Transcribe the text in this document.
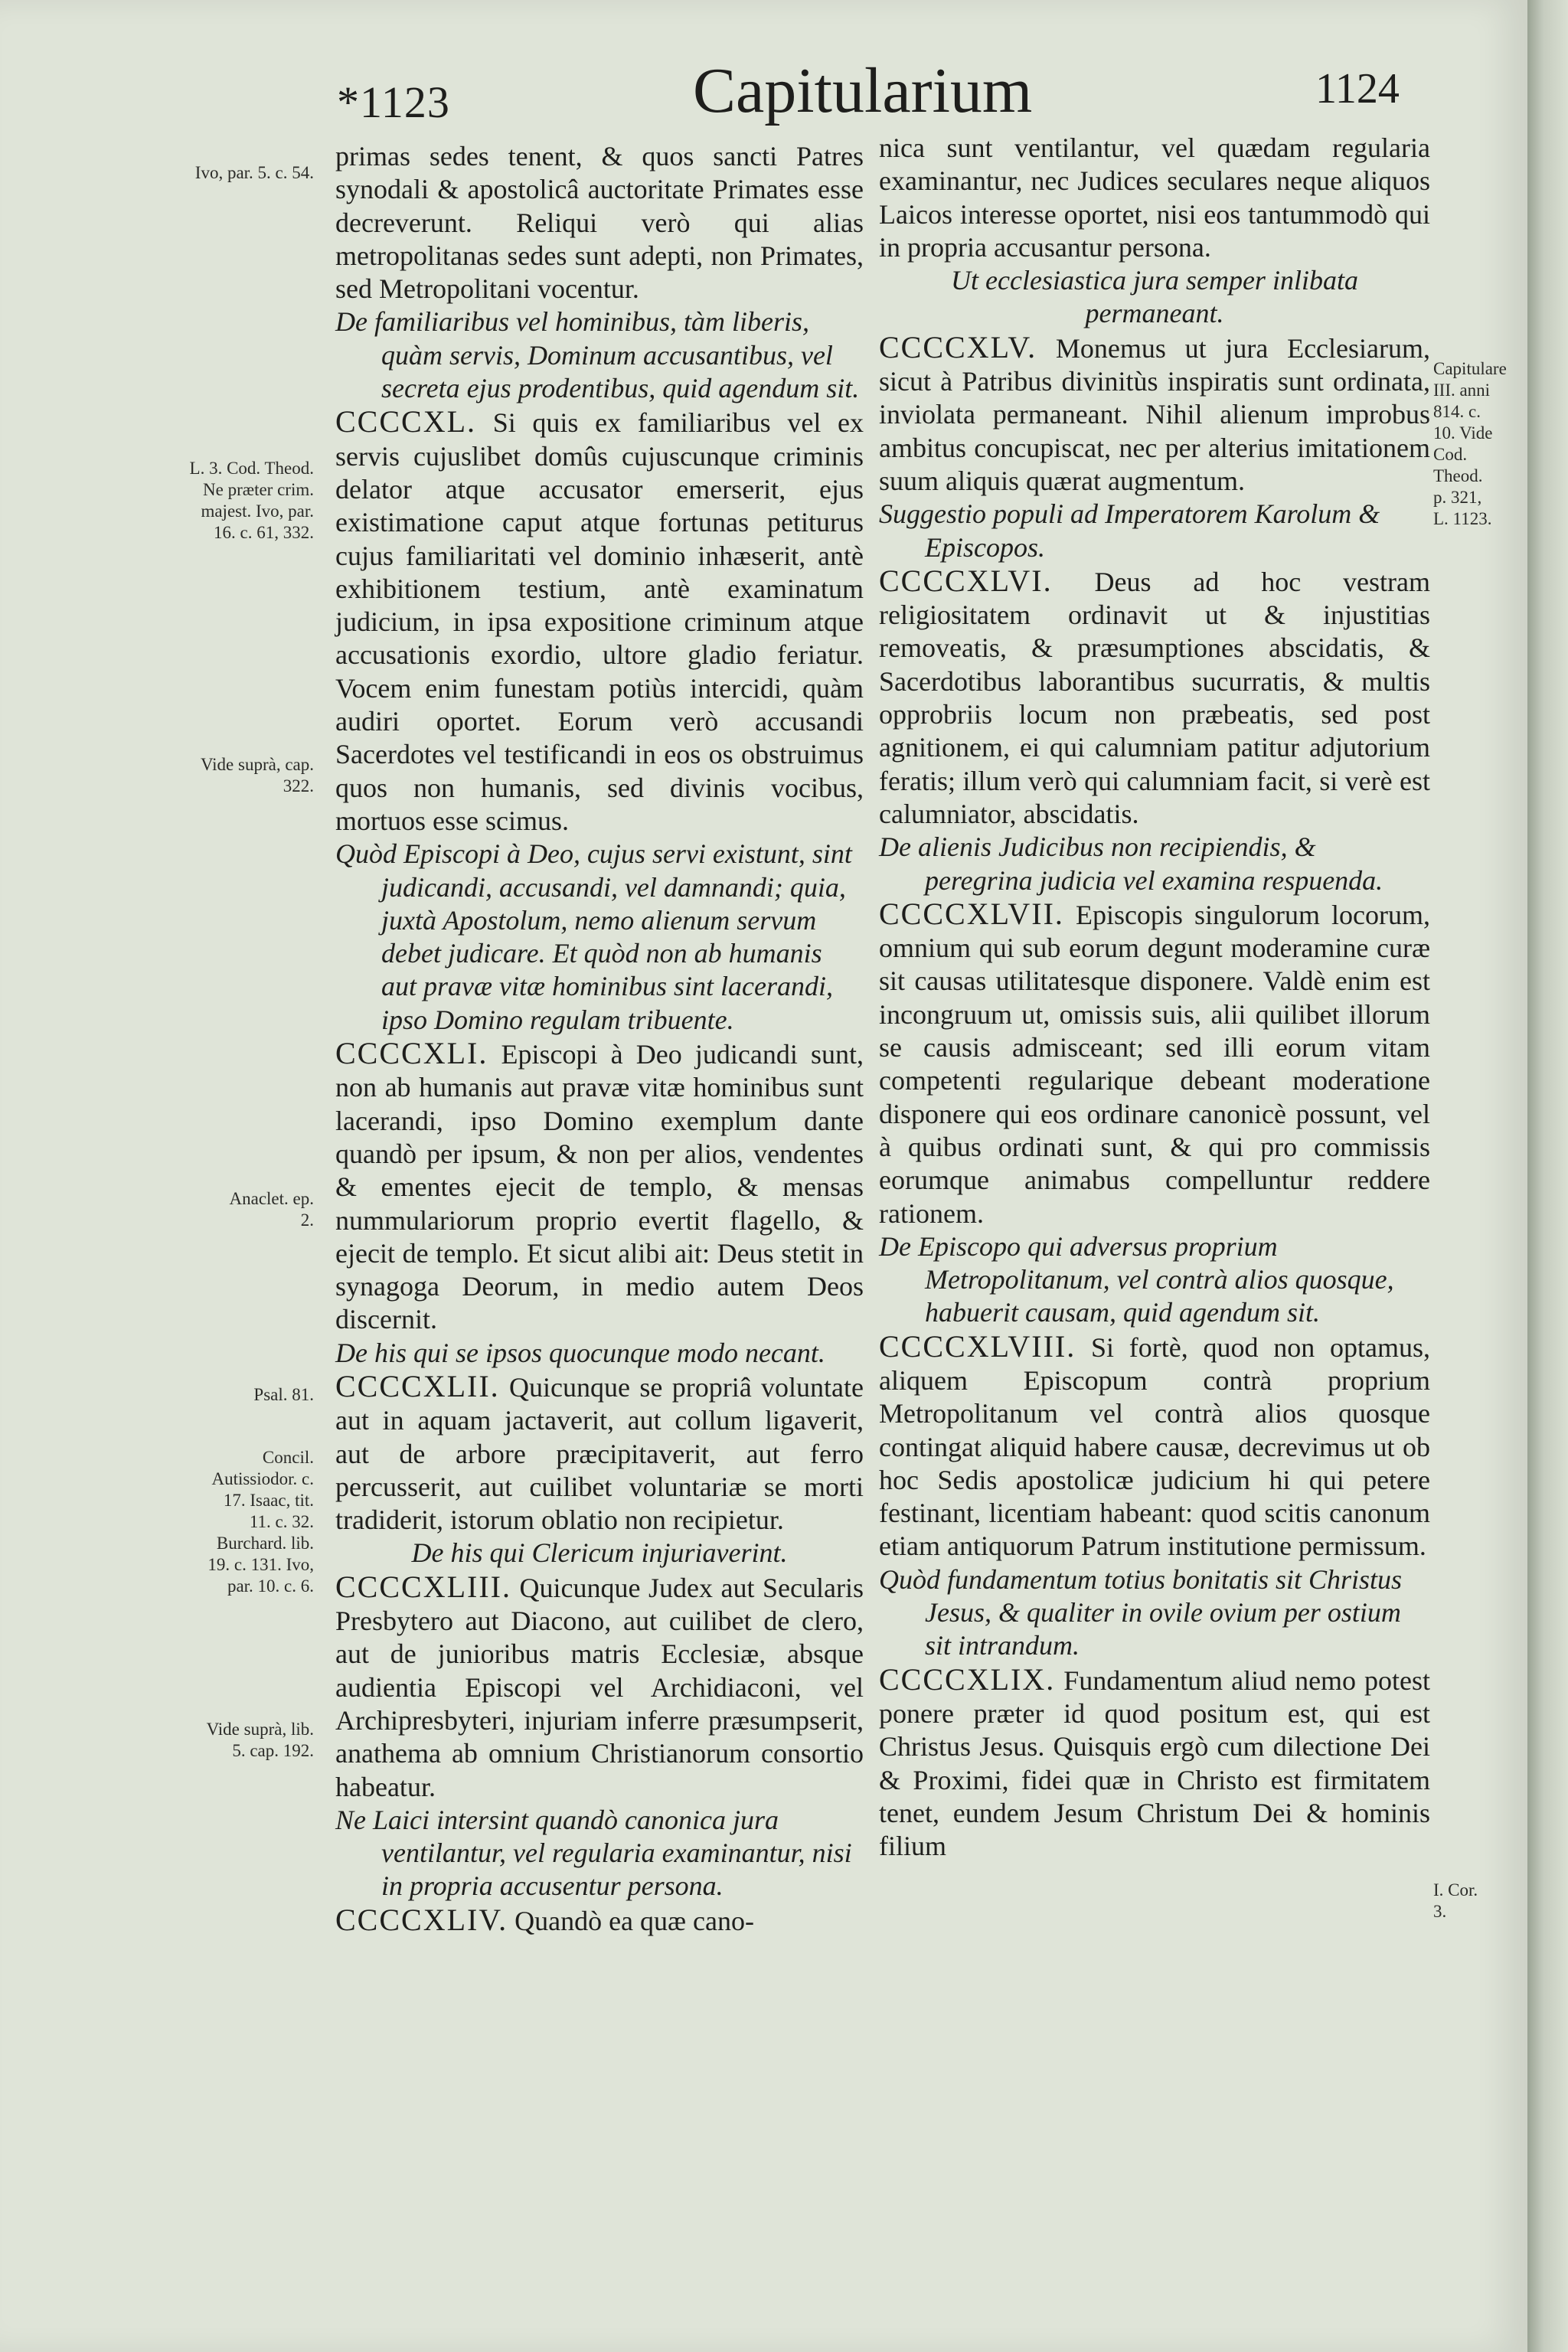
*1123	Capitularium	1124
Ivo, par. 5. c. 54.
L. 3. Cod. Theod. Ne præter crim. majest. Ivo, par. 16. c. 61, 332.
Vide suprà, cap. 322.
Anaclet. ep. 2.
Psal. 81.
Concil. Autissiodor. c. 17. Isaac, tit. 11. c. 32. Burchard. lib. 19. c. 131. Ivo, par. 10. c. 6.
Vide suprà, lib. 5. cap. 192.
Capitulare III. anni 814. c. 10. Vide Cod. Theod. p. 321, L. 1123.
I. Cor. 3.

primas sedes tenent, & quos sancti Patres synodali & apostolicâ auctoritate Primates esse decreverunt. Reliqui verò qui alias metropolitanas sedes sunt adepti, non Primates, sed Metropolitani vocentur.

De familiaribus vel hominibus, tàm liberis, quàm servis, Dominum accusantibus, vel secreta ejus prodentibus, quid agendum sit.

CCCCXL. Si quis ex familiaribus vel ex servis cujuslibet domûs cujuscunque criminis delator atque accusator emerserit, ejus existimatione caput atque fortunas petiturus cujus familiaritati vel dominio inhæserit, antè exhibitionem testium, antè examinatum judicium, in ipsa expositione criminum atque accusationis exordio, ultore gladio feriatur. Vocem enim funestam potiùs intercidi, quàm audiri oportet. Eorum verò accusandi Sacerdotes vel testificandi in eos os obstruimus quos non humanis, sed divinis vocibus, mortuos esse scimus.

Quòd Episcopi à Deo, cujus servi existunt, sint judicandi, accusandi, vel damnandi; quia, juxtà Apostolum, nemo alienum servum debet judicare. Et quòd non ab humanis aut pravæ vitæ hominibus sint lacerandi, ipso Domino regulam tribuente.

CCCCXLI. Episcopi à Deo judicandi sunt, non ab humanis aut pravæ vitæ hominibus sunt lacerandi, ipso Domino exemplum dante quandò per ipsum, & non per alios, vendentes & ementes ejecit de templo, & mensas nummulariorum proprio evertit flagello, & ejecit de templo. Et sicut alibi ait: Deus stetit in synagoga Deorum, in medio autem Deos discernit.

De his qui se ipsos quocunque modo necant.

CCCCXLII. Quicunque se propriâ voluntate aut in aquam jactaverit, aut collum ligaverit, aut de arbore præcipitaverit, aut ferro percusserit, aut cuilibet voluntariæ se morti tradiderit, istorum oblatio non recipietur.

De his qui Clericum injuriaverint.

CCCCXLIII. Quicunque Judex aut Secularis Presbytero aut Diacono, aut cuilibet de clero, aut de junioribus matris Ecclesiæ, absque audientia Episcopi vel Archidiaconi, vel Archipresbyteri, injuriam inferre præsumpserit, anathema ab omnium Christianorum consortio habeatur.

Ne Laici intersint quandò canonica jura ventilantur, vel regularia examinantur, nisi in propria accusentur persona.

CCCCXLIV. Quandò ea quæ cano-

nica sunt ventilantur, vel quædam regularia examinantur, nec Judices seculares neque aliquos Laicos interesse oportet, nisi eos tantummodò qui in propria accusantur persona.

Ut ecclesiastica jura semper inlibata permaneant.

CCCCXLV. Monemus ut jura Ecclesiarum, sicut à Patribus divinitùs inspiratis sunt ordinata, inviolata permaneant. Nihil alienum improbus ambitus concupiscat, nec per alterius imitationem suum aliquis quærat augmentum.

Suggestio populi ad Imperatorem Karolum & Episcopos.

CCCCXLVI. Deus ad hoc vestram religiositatem ordinavit ut & injustitias removeatis, & præsumptiones abscidatis, & Sacerdotibus laborantibus sucurratis, & multis opprobriis locum non præbeatis, sed post agnitionem, ei qui calumniam patitur adjutorium feratis; illum verò qui calumniam facit, si verè est calumniator, abscidatis.

De alienis Judicibus non recipiendis, & peregrina judicia vel examina respuenda.

CCCCXLVII. Episcopis singulorum locorum, omnium qui sub eorum degunt moderamine curæ sit causas utilitatesque disponere. Valdè enim est incongruum ut, omissis suis, alii quilibet illorum se causis admisceant; sed illi eorum vitam competenti regularique debeant moderatione disponere qui eos ordinare canonicè possunt, vel à quibus ordinati sunt, & qui pro commissis eorumque animabus compelluntur reddere rationem.

De Episcopo qui adversus proprium Metropolitanum, vel contrà alios quosque, habuerit causam, quid agendum sit.

CCCCXLVIII. Si fortè, quod non optamus, aliquem Episcopum contrà proprium Metropolitanum vel contrà alios quosque contingat aliquid habere causæ, decrevimus ut ob hoc Sedis apostolicæ judicium hi qui petere festinant, licentiam habeant: quod scitis canonum etiam antiquorum Patrum institutione permissum.

Quòd fundamentum totius bonitatis sit Christus Jesus, & qualiter in ovile ovium per ostium sit intrandum.

CCCCXLIX. Fundamentum aliud nemo potest ponere præter id quod positum est, qui est Christus Jesus. Quisquis ergò cum dilectione Dei & Proximi, fidei quæ in Christo est firmitatem tenet, eundem Jesum Christum Dei & hominis filium
